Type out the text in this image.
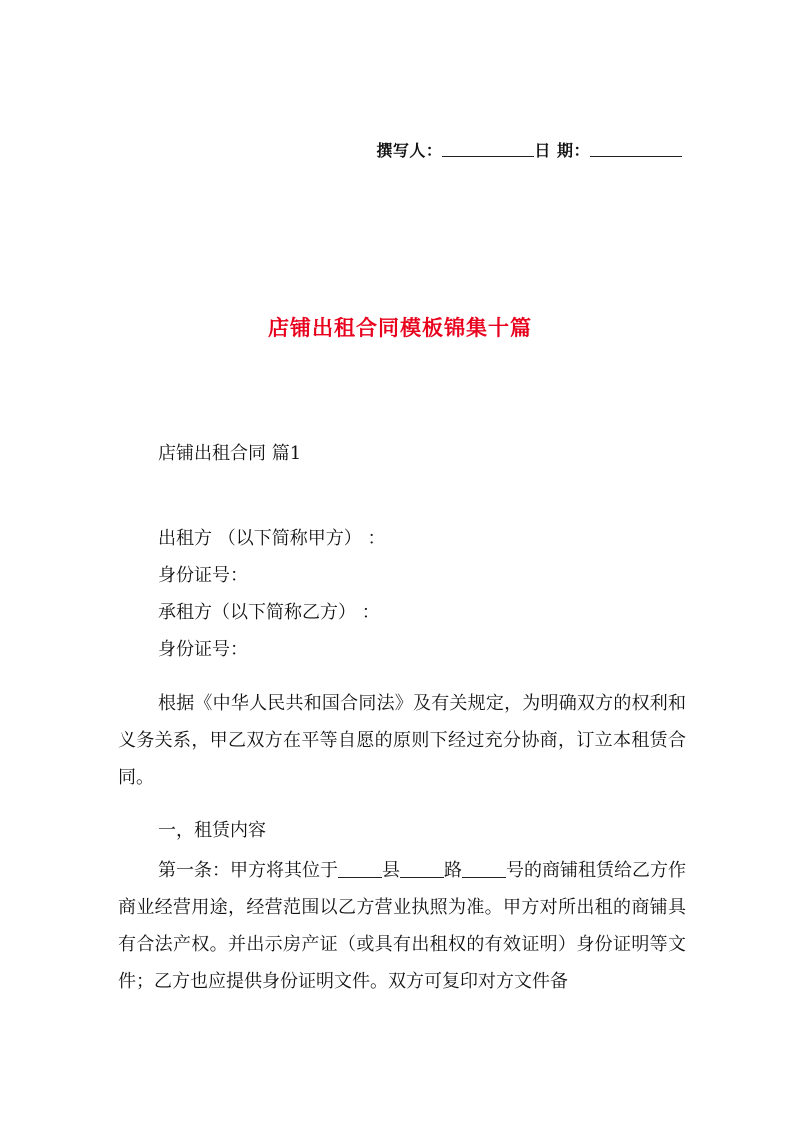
撰写人：	日 期：
店铺出租合同模板锦集十篇
店铺出租合同 篇1

出租方 （以下简称甲方） ：

身份证号：

承租方（以下简称乙方） ：

身份证号：

根据《中华人民共和国合同法》及有关规定，为明确双方的权利和义务关系，甲乙双方在平等自愿的原则下经过充分协商，订立本租赁合同。

一，租赁内容

第一条：甲方将其位于 县 路 号的商铺租赁给乙方作商业经营用途，经营范围以乙方营业执照为准。甲方对所出租的商铺具有合法产权。并出示房产证（或具有出租权的有效证明）身份证明等文件；乙方也应提供身份证明文件。双方可复印对方文件备
